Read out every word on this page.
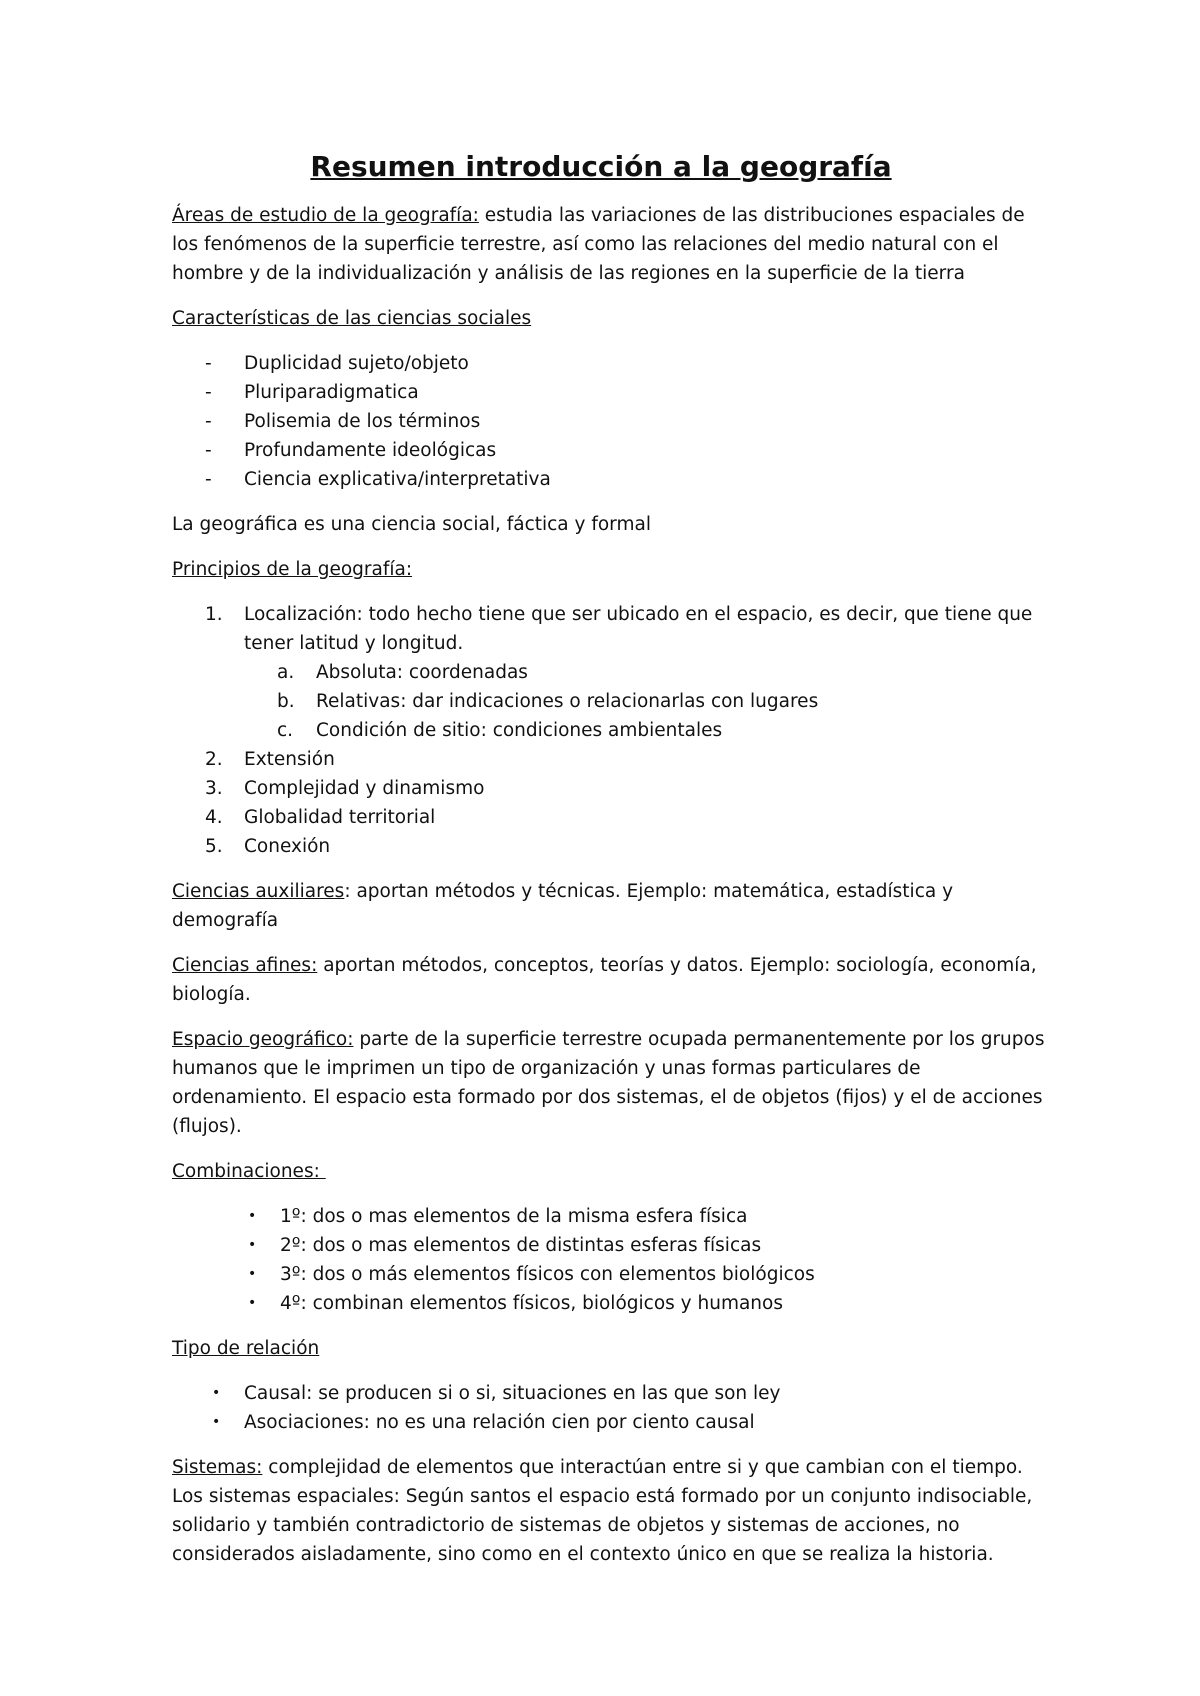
Resumen introducción a la geografía

Áreas de estudio de la geografía: estudia las variaciones de las distribuciones espaciales de los fenómenos de la superficie terrestre, así como las relaciones del medio natural con el hombre y de la individualización y análisis de las regiones en la superficie de la tierra

Características de las ciencias sociales

- Duplicidad sujeto/objeto
- Pluriparadigmatica
- Polisemia de los términos
- Profundamente ideológicas
- Ciencia explicativa/interpretativa

La geográfica es una ciencia social, fáctica y formal

Principios de la geografía:

1. Localización: todo hecho tiene que ser ubicado en el espacio, es decir, que tiene que tener latitud y longitud.
a. Absoluta: coordenadas
b. Relativas: dar indicaciones o relacionarlas con lugares
c. Condición de sitio: condiciones ambientales
2. Extensión
3. Complejidad y dinamismo
4. Globalidad territorial
5. Conexión

Ciencias auxiliares: aportan métodos y técnicas. Ejemplo: matemática, estadística y demografía

Ciencias afines: aportan métodos, conceptos, teorías y datos. Ejemplo: sociología, economía, biología.

Espacio geográfico: parte de la superficie terrestre ocupada permanentemente por los grupos humanos que le imprimen un tipo de organización y unas formas particulares de ordenamiento. El espacio esta formado por dos sistemas, el de objetos (fijos) y el de acciones (flujos).

Combinaciones:

• 1º: dos o mas elementos de la misma esfera física
• 2º: dos o mas elementos de distintas esferas físicas
• 3º: dos o más elementos físicos con elementos biológicos
• 4º: combinan elementos físicos, biológicos y humanos

Tipo de relación

• Causal: se producen si o si, situaciones en las que son ley
• Asociaciones: no es una relación cien por ciento causal

Sistemas: complejidad de elementos que interactúan entre si y que cambian con el tiempo. Los sistemas espaciales: Según santos el espacio está formado por un conjunto indisociable, solidario y también contradictorio de sistemas de objetos y sistemas de acciones, no considerados aisladamente, sino como en el contexto único en que se realiza la historia.
